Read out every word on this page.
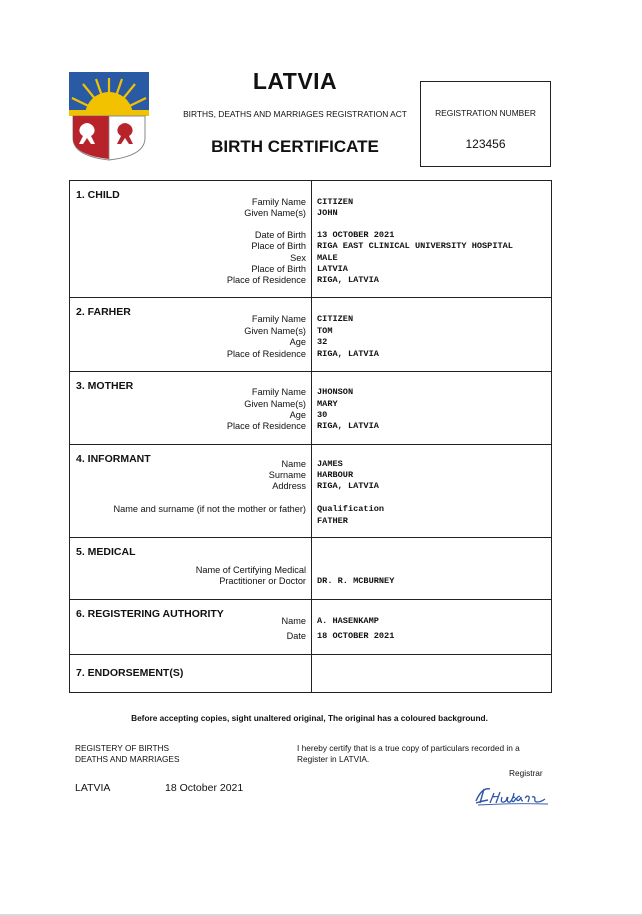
LATVIA
BIRTHS, DEATHS AND MARRIAGES REGISTRATION ACT
BIRTH CERTIFICATE
REGISTRATION NUMBER
123456
1. CHILD
Family Name CITIZEN
Given Name(s) JOHN
Date of Birth 13 OCTOBER 2021
Place of Birth RIGA EAST CLINICAL UNIVERSITY HOSPITAL
Sex MALE
Place of Birth LATVIA
Place of Residence RIGA, LATVIA
2. FARHER
Family Name CITIZEN
Given Name(s) TOM
Age 32
Place of Residence RIGA, LATVIA
3. MOTHER	Family Name JHONSON
Given Name(s) MARY
Age 30
Place of Residence RIGA, LATVIA
4. INFORMANT	Name JAMES
Surname HARBOUR
Address RIGA, LATVIA
Name and surname (if not the mother or father) Qualification
FATHER
5. MEDICAL
Name of Certifying Medical
Practitioner or Doctor DR. R. MCBURNEY
6. REGISTERING AUTHORITY
Name A. HASENKAMP
Date 18 OCTOBER 2021
7. ENDORSEMENT(S)
Before accepting copies, sight unaltered original, The original has a coloured background.
REGISTERY OF BIRTHS
DEATHS AND MARRIAGES
I hereby certify that is a true copy of particulars recorded in a Register in LATVIA.
Registrar
LATVIA	18 October 2021
